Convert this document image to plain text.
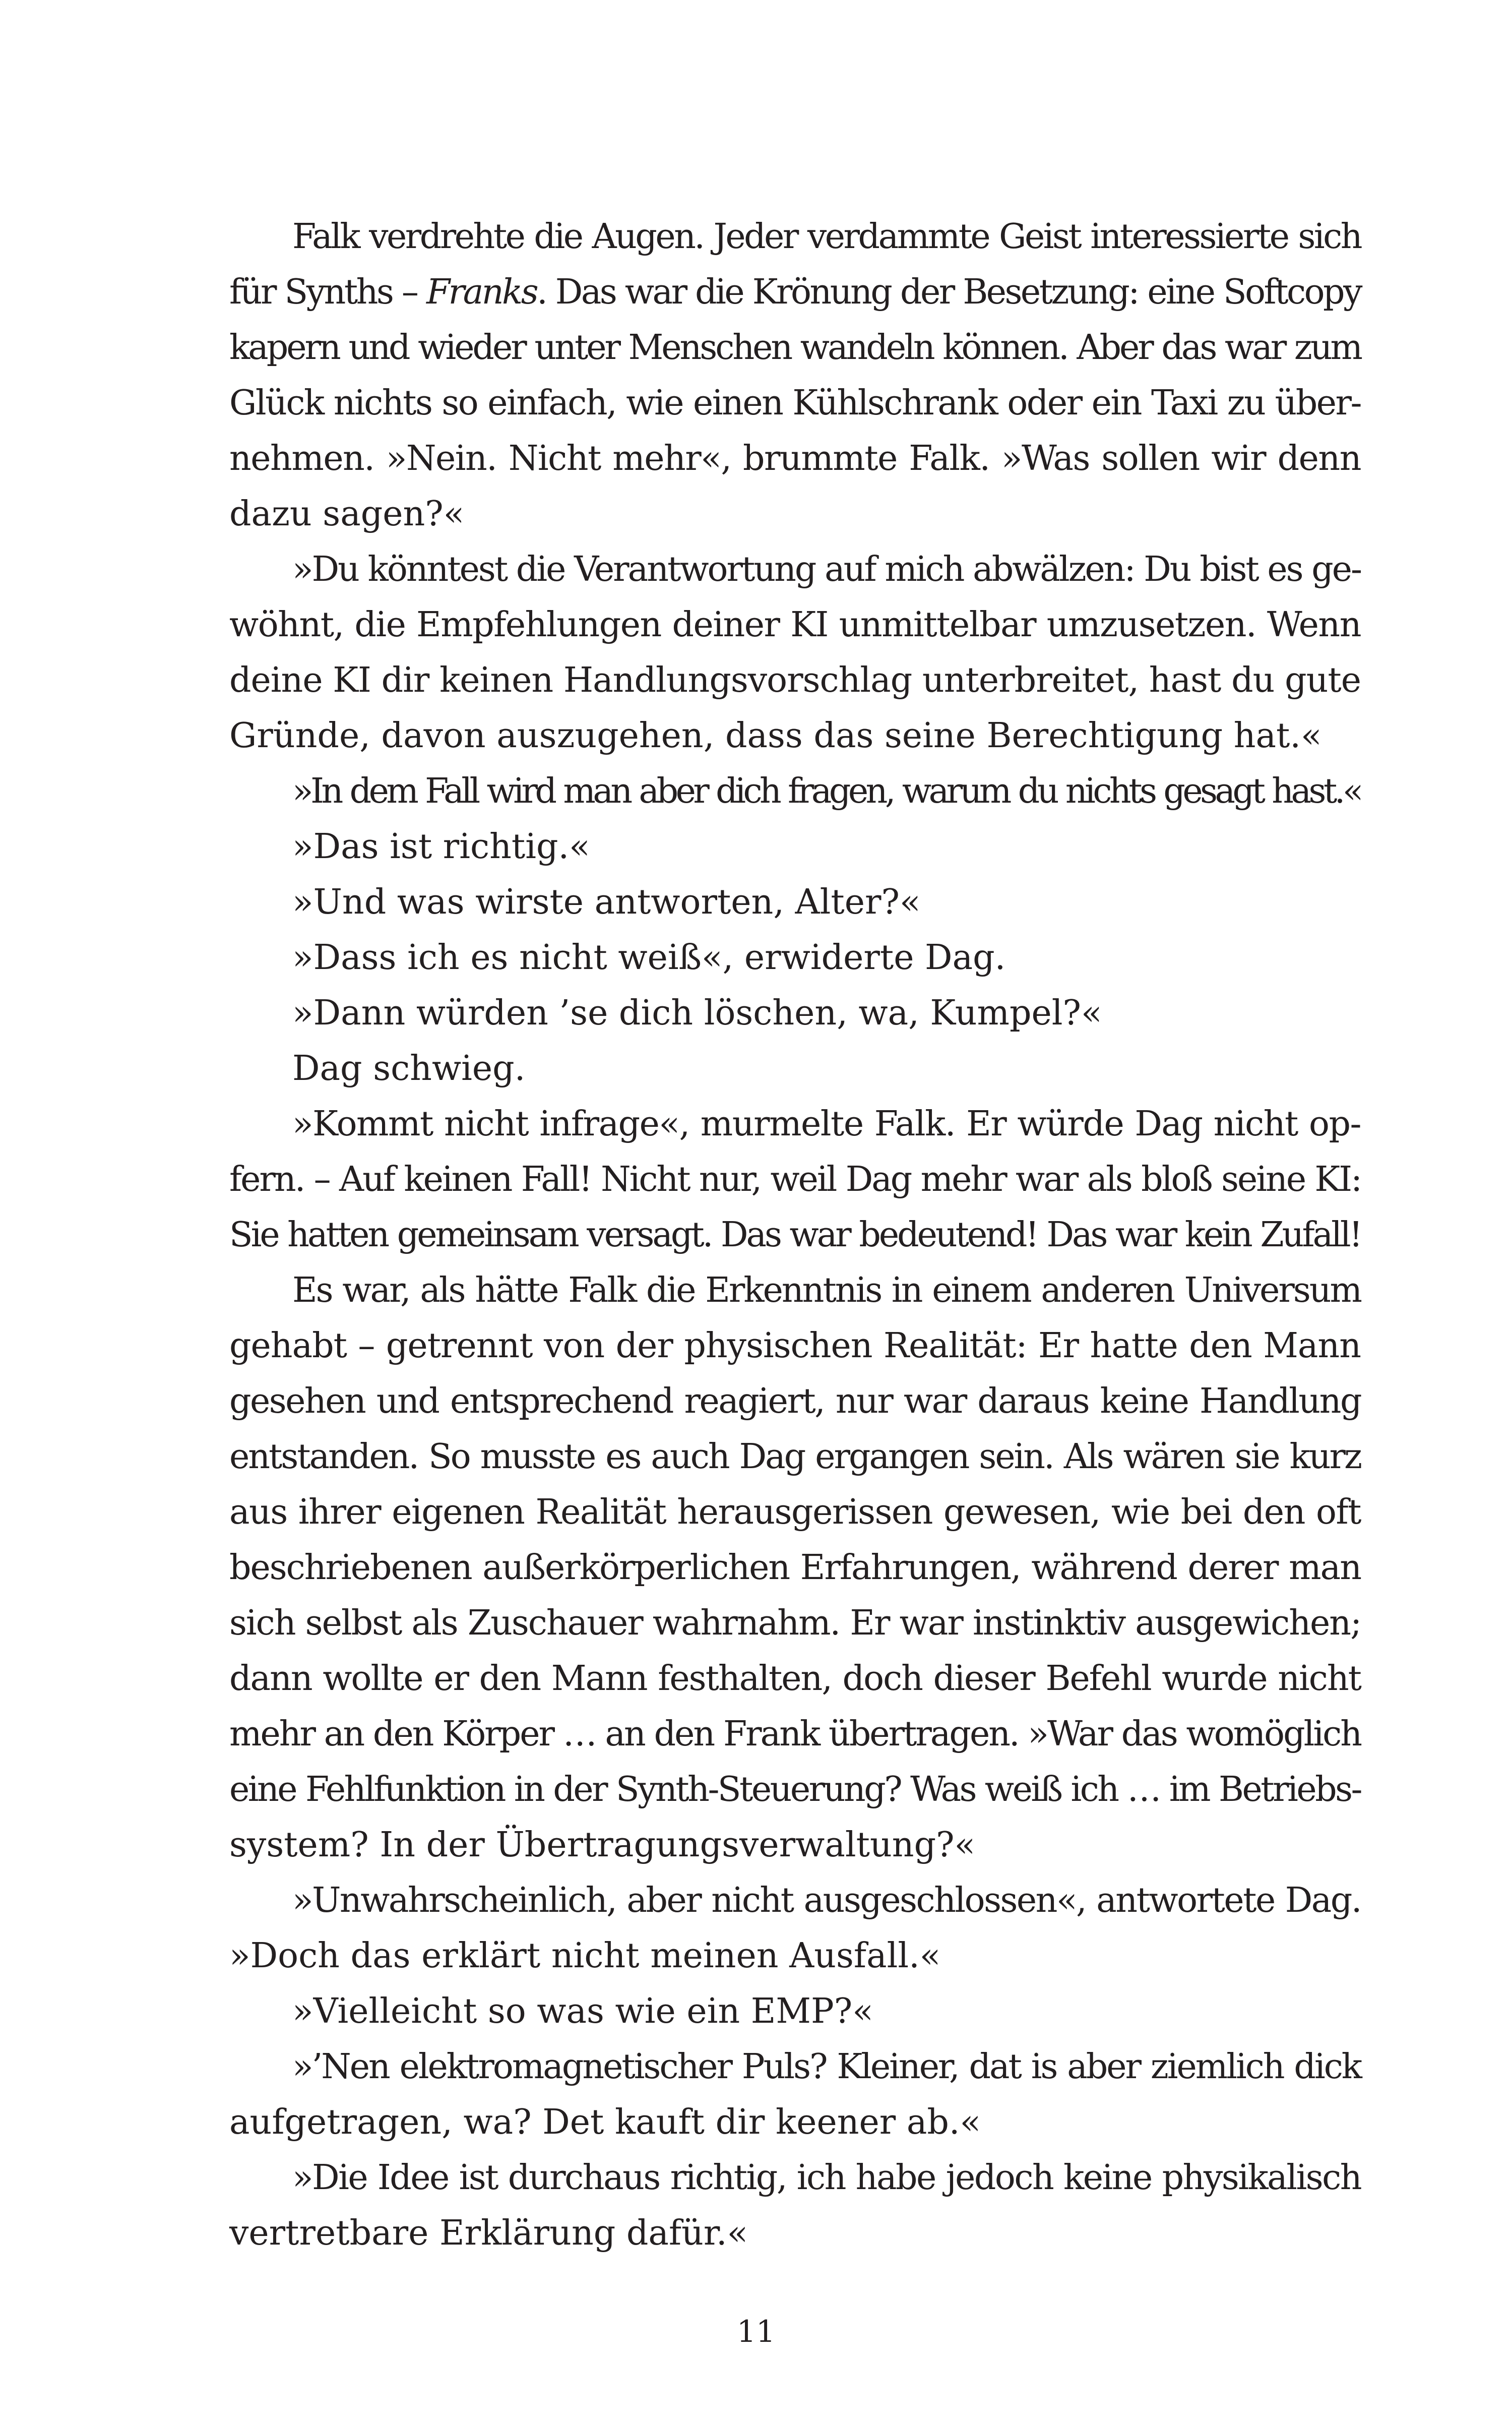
Falk verdrehte die Augen. Jeder verdammte Geist interessierte sich
für Synths – Franks. Das war die Krönung der Besetzung: eine Softcopy
kapern und wieder unter Menschen wandeln können. Aber das war zum
Glück nichts so einfach, wie einen Kühlschrank oder ein Taxi zu über-
nehmen. »Nein. Nicht mehr«, brummte Falk. »Was sollen wir denn
dazu sagen?«
»Du könntest die Verantwortung auf mich abwälzen: Du bist es ge-
wöhnt, die Empfehlungen deiner KI unmittelbar umzusetzen. Wenn
deine KI dir keinen Handlungsvorschlag unterbreitet, hast du gute
Gründe, davon auszugehen, dass das seine Berechtigung hat.«
»In dem Fall wird man aber dich fragen, warum du nichts gesagt hast.«
»Das ist richtig.«
»Und was wirste antworten, Alter?«
»Dass ich es nicht weiß«, erwiderte Dag.
»Dann würden ’se dich löschen, wa, Kumpel?«
Dag schwieg.
»Kommt nicht infrage«, murmelte Falk. Er würde Dag nicht op-
fern. – Auf keinen Fall! Nicht nur, weil Dag mehr war als bloß seine KI:
Sie hatten gemeinsam versagt. Das war bedeutend! Das war kein Zufall!
Es war, als hätte Falk die Erkenntnis in einem anderen Universum
gehabt – getrennt von der physischen Realität: Er hatte den Mann
gesehen und entsprechend reagiert, nur war daraus keine Handlung
entstanden. So musste es auch Dag ergangen sein. Als wären sie kurz
aus ihrer eigenen Realität herausgerissen gewesen, wie bei den oft
beschriebenen außerkörperlichen Erfahrungen, während derer man
sich selbst als Zuschauer wahrnahm. Er war instinktiv ausgewichen;
dann wollte er den Mann festhalten, doch dieser Befehl wurde nicht
mehr an den Körper … an den Frank übertragen. »War das womöglich
eine Fehlfunktion in der Synth-Steuerung? Was weiß ich … im Betriebs-
system? In der Übertragungsverwaltung?«
»Unwahrscheinlich, aber nicht ausgeschlossen«, antwortete Dag.
»Doch das erklärt nicht meinen Ausfall.«
»Vielleicht so was wie ein EMP?«
»’Nen elektromagnetischer Puls? Kleiner, dat is aber ziemlich dick
aufgetragen, wa? Det kauft dir keener ab.«
»Die Idee ist durchaus richtig, ich habe jedoch keine physikalisch
vertretbare Erklärung dafür.«
11
